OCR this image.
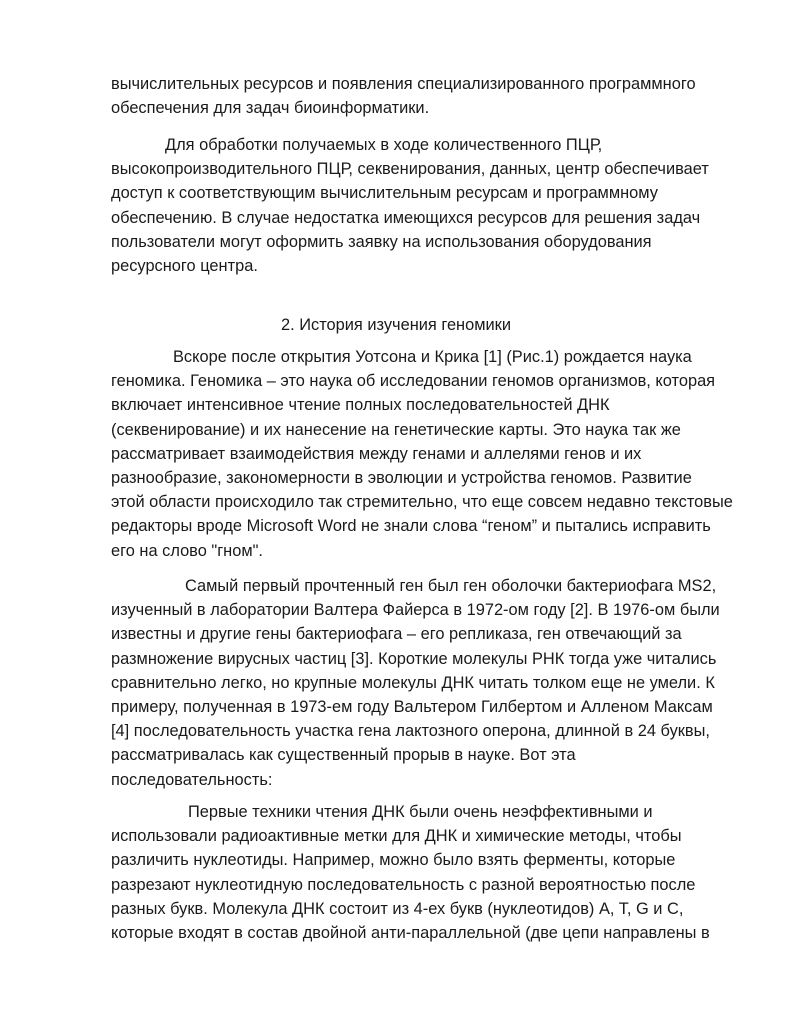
вычислительных ресурсов и появления специализированного программного
обеспечения для задач биоинформатики.
Для обработки получаемых в ходе количественного ПЦР,
высокопроизводительного ПЦР, секвенирования, данных, центр обеспечивает
доступ к соответствующим вычислительным ресурсам и программному
обеспечению. В случае недостатка имеющихся ресурсов для решения задач
пользователи могут оформить заявку на использования оборудования
ресурсного центра.
2. История изучения геномики
Вскоре после открытия Уотсона и Крика [1] (Рис.1) рождается наука
геномика. Геномика – это наука об исследовании геномов организмов, которая
включает интенсивное чтение полных последовательностей ДНК
(секвенирование) и их нанесение на генетические карты. Это наука так же
рассматривает взаимодействия между генами и аллелями генов и их
разнообразие, закономерности в эволюции и устройства геномов. Развитие
этой области происходило так стремительно, что еще совсем недавно текстовые
редакторы вроде Microsoft Word не знали слова “геном” и пытались исправить
его на слово "гном".
Самый первый прочтенный ген был ген оболочки бактериофага MS2,
изученный в лаборатории Валтера Файерса в 1972-ом году [2]. В 1976-ом были
известны и другие гены бактериофага – его репликаза, ген отвечающий за
размножение вирусных частиц [3]. Короткие молекулы РНК тогда уже читались
сравнительно легко, но крупные молекулы ДНК читать толком еще не умели. К
примеру, полученная в 1973-ем году Вальтером Гилбертом и Алленом Максам
[4] последовательность участка гена лактозного оперона, длинной в 24 буквы,
рассматривалась как существенный прорыв в науке. Вот эта
последовательность:
Первые техники чтения ДНК были очень неэффективными и
использовали радиоактивные метки для ДНК и химические методы, чтобы
различить нуклеотиды. Например, можно было взять ферменты, которые
разрезают нуклеотидную последовательность с разной вероятностью после
разных букв. Молекула ДНК состоит из 4-ех букв (нуклеотидов) A, T, G и C,
которые входят в состав двойной анти-параллельной (две цепи направлены в
